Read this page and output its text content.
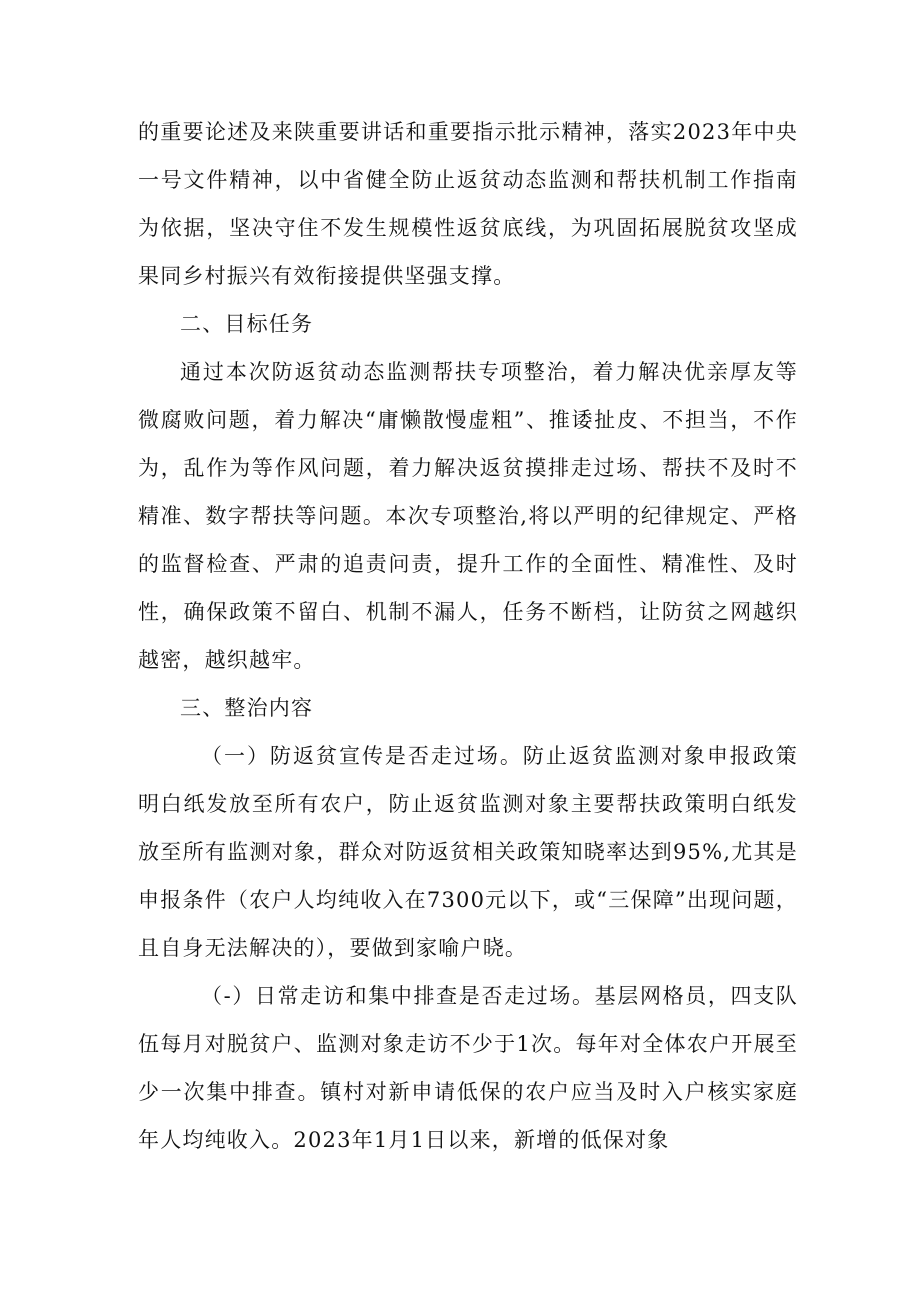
的重要论述及来陕重要讲话和重要指示批示精神，落实2023年中央一号文件精神，以中省健全防止返贫动态监测和帮扶机制工作指南为依据，坚决守住不发生规模性返贫底线，为巩固拓展脱贫攻坚成果同乡村振兴有效衔接提供坚强支撑。

二、目标任务

通过本次防返贫动态监测帮扶专项整治，着力解决优亲厚友等微腐败问题，着力解决“庸懒散慢虚粗”、推诿扯皮、不担当，不作为，乱作为等作风问题，着力解决返贫摸排走过场、帮扶不及时不精准、数字帮扶等问题。本次专项整治,将以严明的纪律规定、严格的监督检查、严肃的追责问责，提升工作的全面性、精准性、及时性，确保政策不留白、机制不漏人，任务不断档，让防贫之网越织越密，越织越牢。

三、整治内容

（一）防返贫宣传是否走过场。防止返贫监测对象申报政策明白纸发放至所有农户，防止返贫监测对象主要帮扶政策明白纸发放至所有监测对象，群众对防返贫相关政策知晓率达到95%,尤其是申报条件（农户人均纯收入在7300元以下，或“三保障”出现问题，且自身无法解决的），要做到家喻户晓。

（-）日常走访和集中排查是否走过场。基层网格员，四支队伍每月对脱贫户、监测对象走访不少于1次。每年对全体农户开展至少一次集中排查。镇村对新申请低保的农户应当及时入户核实家庭年人均纯收入。2023年1月1日以来，新增的低保对象
